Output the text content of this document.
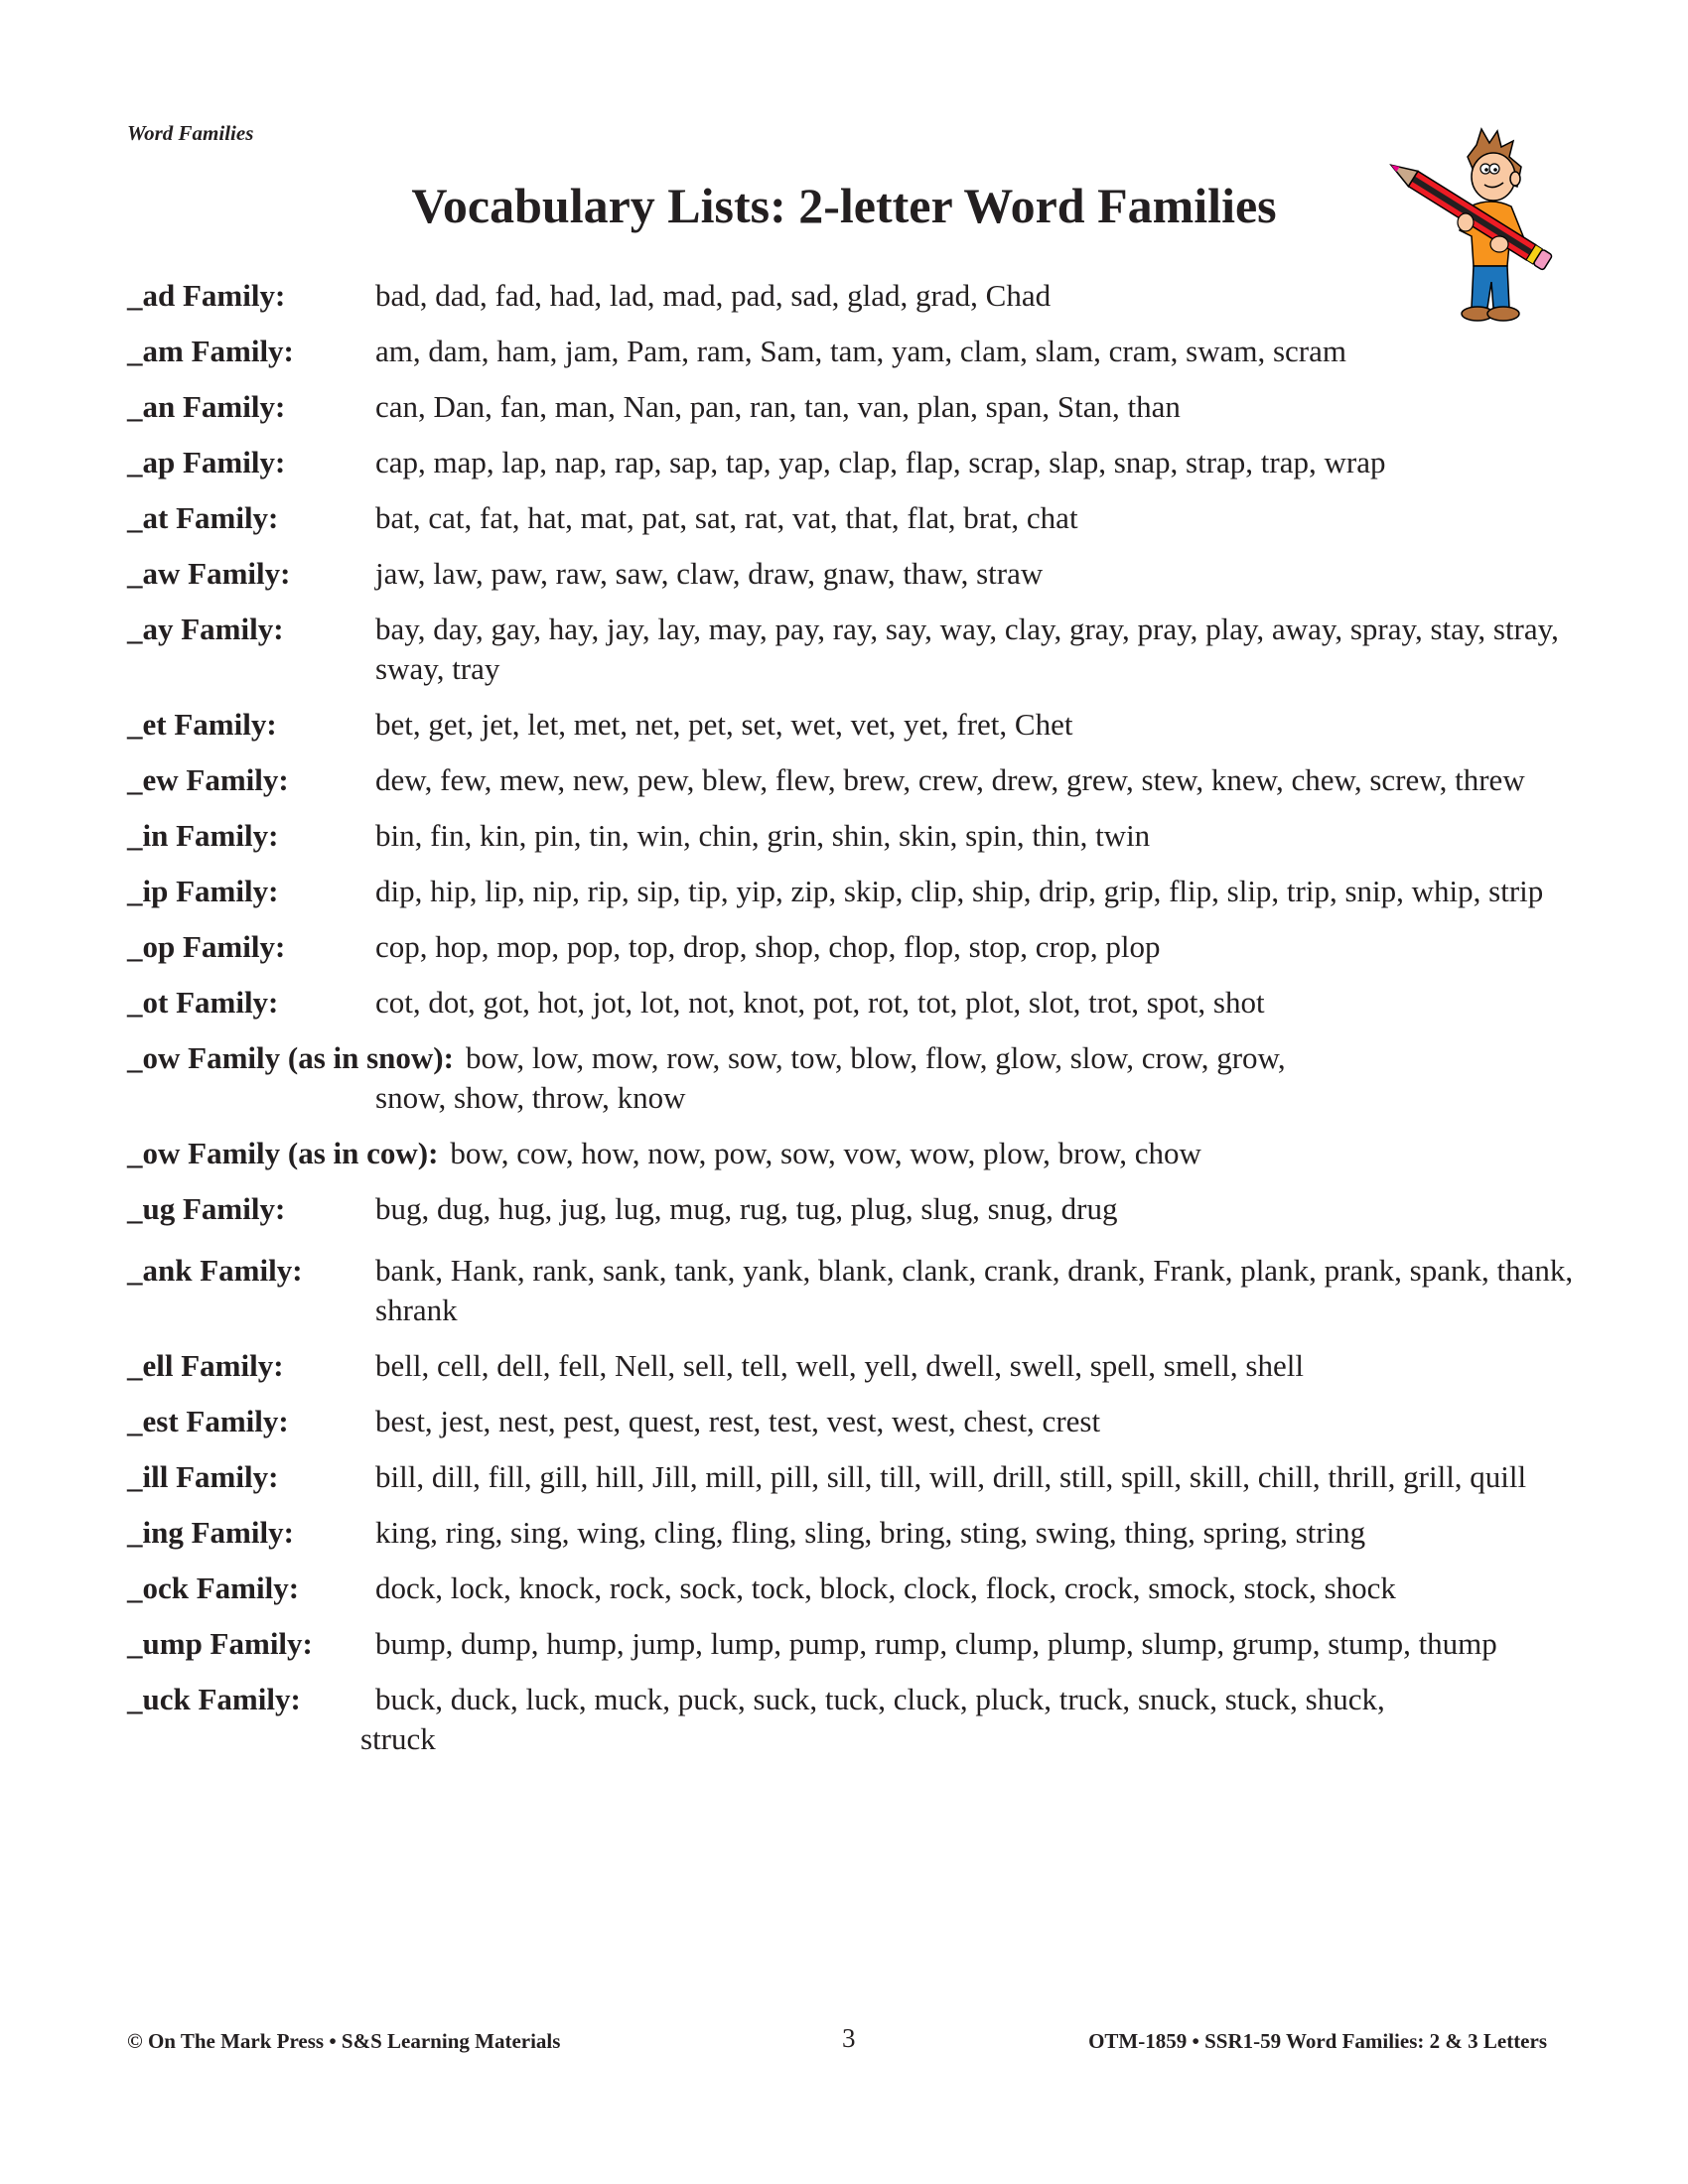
Word Families
Vocabulary Lists: 2-letter Word Families
_ad Family:	bad, dad, fad, had, lad, mad, pad, sad, glad, grad, Chad
_am Family:	am, dam, ham, jam, Pam, ram, Sam, tam, yam, clam, slam, cram, swam, scram
_an Family:	can, Dan, fan, man, Nan, pan, ran, tan, van, plan, span, Stan, than
_ap Family:	cap, map, lap, nap, rap, sap, tap, yap, clap, flap, scrap, slap, snap, strap, trap, wrap
_at Family:	bat, cat, fat, hat, mat, pat, sat, rat, vat, that, flat, brat, chat
_aw Family:	jaw, law, paw, raw, saw, claw, draw, gnaw, thaw, straw
_ay Family:	bay, day, gay, hay, jay, lay, may, pay, ray, say, way, clay, gray, pray, play, away, spray, stay, stray, sway, tray
_et Family:	bet, get, jet, let, met, net, pet, set, wet, vet, yet, fret, Chet
_ew Family:	dew, few, mew, new, pew, blew, flew, brew, crew, drew, grew, stew, knew, chew, screw, threw
_in Family:	bin, fin, kin, pin, tin, win, chin, grin, shin, skin, spin, thin, twin
_ip Family:	dip, hip, lip, nip, rip, sip, tip, yip, zip, skip, clip, ship, drip, grip, flip, slip, trip, snip, whip, strip
_op Family:	cop, hop, mop, pop, top, drop, shop, chop, flop, stop, crop, plop
_ot Family:	cot, dot, got, hot, jot, lot, not, knot, pot, rot, tot, plot, slot, trot, spot, shot
_ow Family (as in snow): bow, low, mow, row, sow, tow, blow, flow, glow, slow, crow, grow,
snow, show, throw, know
_ow Family (as in cow): bow, cow, how, now, pow, sow, vow, wow, plow, brow, chow
_ug Family:	bug, dug, hug, jug, lug, mug, rug, tug, plug, slug, snug, drug
_ank Family:	bank, Hank, rank, sank, tank, yank, blank, clank, crank, drank, Frank, plank, prank, spank, thank, shrank
_ell Family:	bell, cell, dell, fell, Nell, sell, tell, well, yell, dwell, swell, spell, smell, shell
_est Family:	best, jest, nest, pest, quest, rest, test, vest, west, chest, crest
_ill Family:	bill, dill, fill, gill, hill, Jill, mill, pill, sill, till, will, drill, still, spill, skill, chill, thrill, grill, quill
_ing Family:	king, ring, sing, wing, cling, fling, sling, bring, sting, swing, thing, spring, string
_ock Family:	dock, lock, knock, rock, sock, tock, block, clock, flock, crock, smock, stock, shock
_ump Family:	bump, dump, hump, jump, lump, pump, rump, clump, plump, slump, grump, stump, thump
_uck Family:	buck, duck, luck, muck, puck, suck, tuck, cluck, pluck, truck, snuck, stuck, shuck,
struck
© On The Mark Press • S&S Learning Materials	3	OTM-1859 • SSR1-59 Word Families: 2 & 3 Letters
